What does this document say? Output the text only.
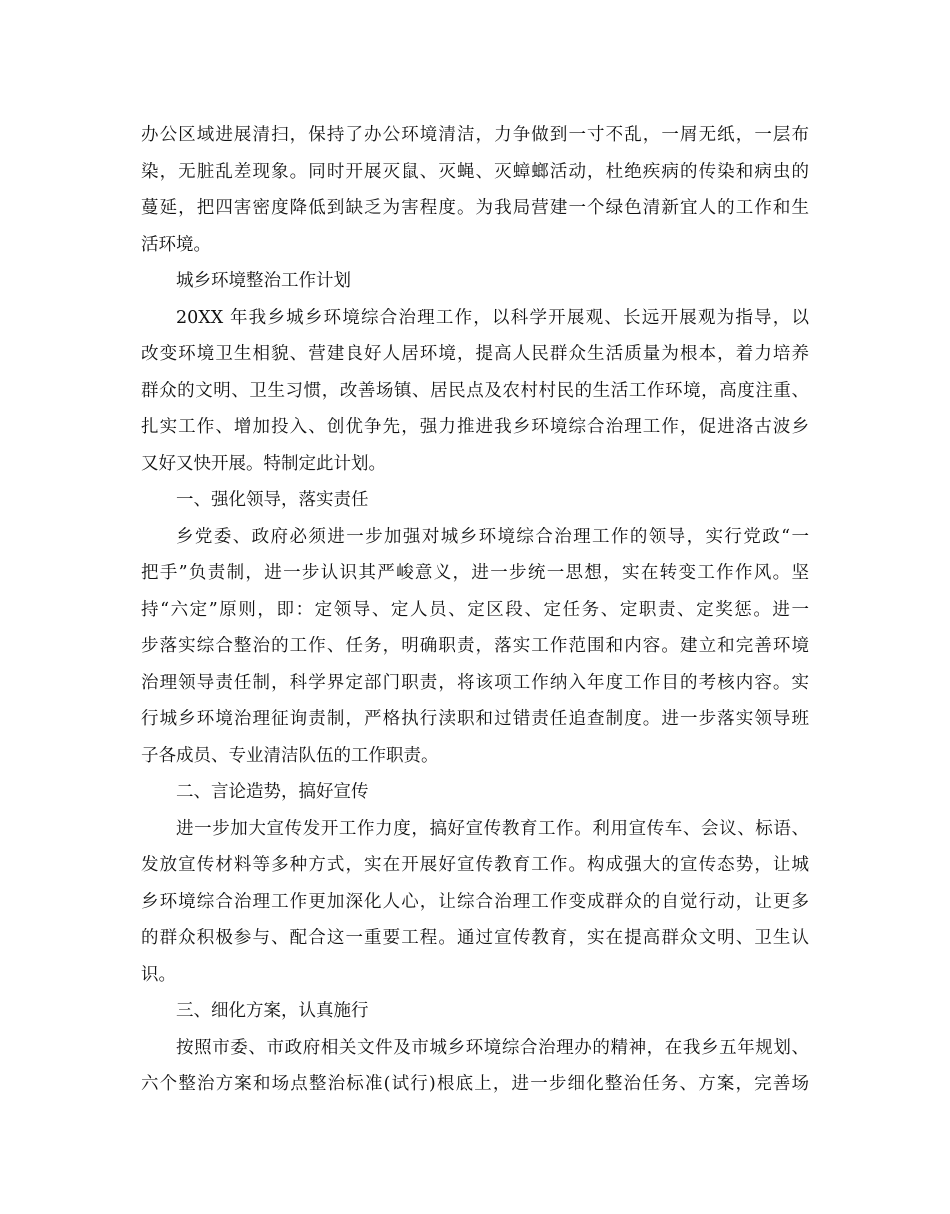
办公区域进展清扫，保持了办公环境清洁，力争做到一寸不乱，一屑无纸，一层布
染，无脏乱差现象。同时开展灭鼠、灭蝇、灭蟑螂活动，杜绝疾病的传染和病虫的
蔓延，把四害密度降低到缺乏为害程度。为我局营建一个绿色清新宜人的工作和生
活环境。
城乡环境整治工作计划
20XX 年我乡城乡环境综合治理工作，以科学开展观、长远开展观为指导，以
改变环境卫生相貌、营建良好人居环境，提高人民群众生活质量为根本，着力培养
群众的文明、卫生习惯，改善场镇、居民点及农村村民的生活工作环境，高度注重、
扎实工作、增加投入、创优争先，强力推进我乡环境综合治理工作，促进洛古波乡
又好又快开展。特制定此计划。
一、强化领导，落实责任
乡党委、政府必须进一步加强对城乡环境综合治理工作的领导，实行党政“一
把手”负责制，进一步认识其严峻意义，进一步统一思想，实在转变工作作风。坚
持“六定”原则，即：定领导、定人员、定区段、定任务、定职责、定奖惩。进一
步落实综合整治的工作、任务，明确职责，落实工作范围和内容。建立和完善环境
治理领导责任制，科学界定部门职责，将该项工作纳入年度工作目的考核内容。实
行城乡环境治理征询责制，严格执行渎职和过错责任追查制度。进一步落实领导班
子各成员、专业清洁队伍的工作职责。
二、言论造势，搞好宣传
进一步加大宣传发开工作力度，搞好宣传教育工作。利用宣传车、会议、标语、
发放宣传材料等多种方式，实在开展好宣传教育工作。构成强大的宣传态势，让城
乡环境综合治理工作更加深化人心，让综合治理工作变成群众的自觉行动，让更多
的群众积极参与、配合这一重要工程。通过宣传教育，实在提高群众文明、卫生认
识。
三、细化方案，认真施行
按照市委、市政府相关文件及市城乡环境综合治理办的精神，在我乡五年规划、
六个整治方案和场点整治标准(试行)根底上，进一步细化整治任务、方案，完善场
